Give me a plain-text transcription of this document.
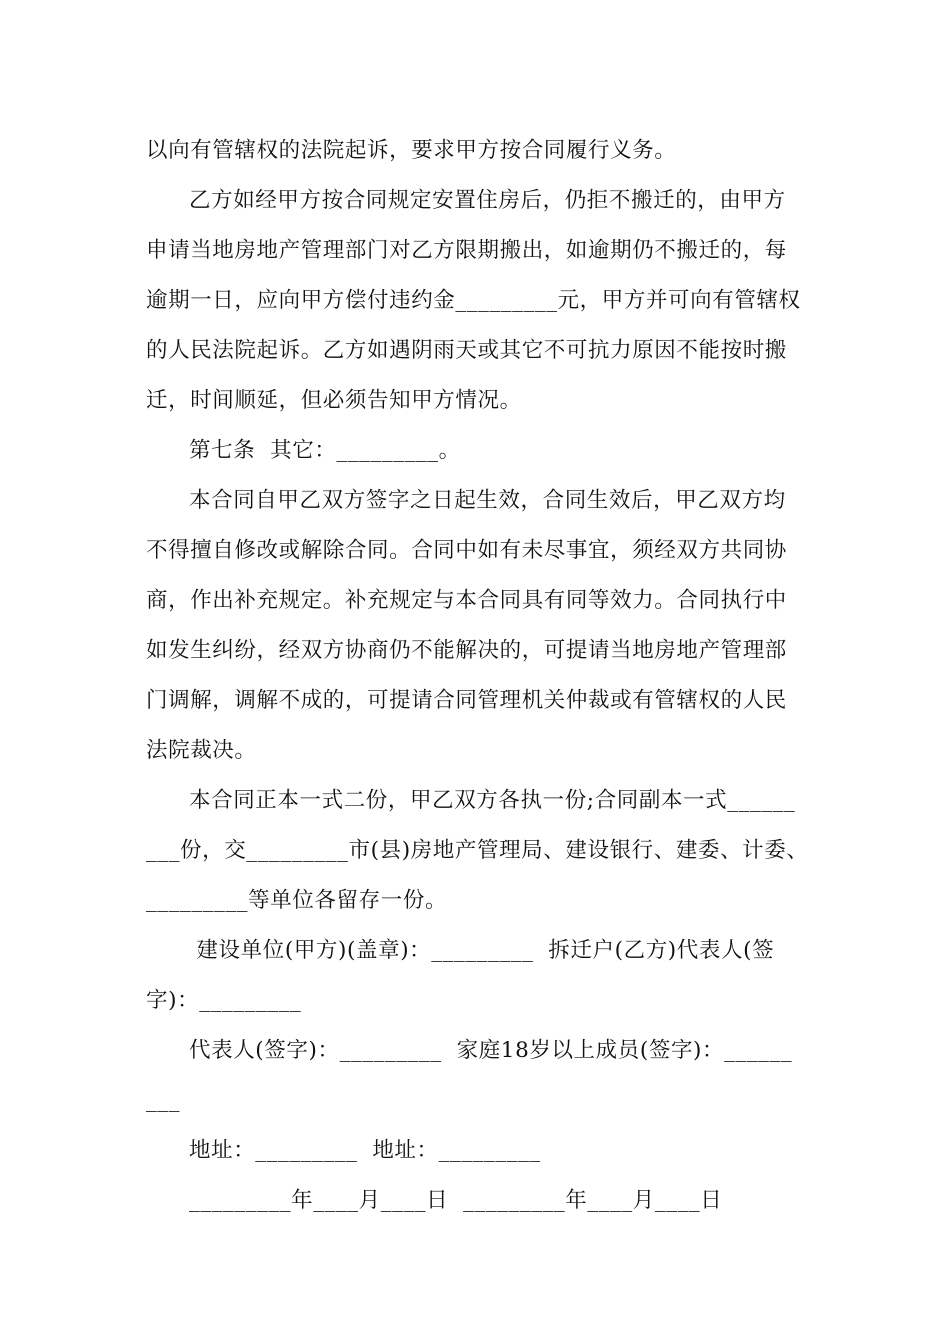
以向有管辖权的法院起诉，要求甲方按合同履行义务。
乙方如经甲方按合同规定安置住房后，仍拒不搬迁的，由甲方
申请当地房地产管理部门对乙方限期搬出，如逾期仍不搬迁的，每
逾期一日，应向甲方偿付违约金_________元，甲方并可向有管辖权
的人民法院起诉。乙方如遇阴雨天或其它不可抗力原因不能按时搬
迁，时间顺延，但必须告知甲方情况。
第七条  其它：_________。
本合同自甲乙双方签字之日起生效，合同生效后，甲乙双方均
不得擅自修改或解除合同。合同中如有未尽事宜，须经双方共同协
商，作出补充规定。补充规定与本合同具有同等效力。合同执行中
如发生纠纷，经双方协商仍不能解决的，可提请当地房地产管理部
门调解，调解不成的，可提请合同管理机关仲裁或有管辖权的人民
法院裁决。
本合同正本一式二份，甲乙双方各执一份;合同副本一式______
___份，交_________市(县)房地产管理局、建设银行、建委、计委、
_________等单位各留存一份。
建设单位(甲方)(盖章)：_________  拆迁户(乙方)代表人(签
字)：_________
代表人(签字)：_________  家庭18岁以上成员(签字)：______
___
地址：_________  地址：_________
_________年____月____日  _________年____月____日
